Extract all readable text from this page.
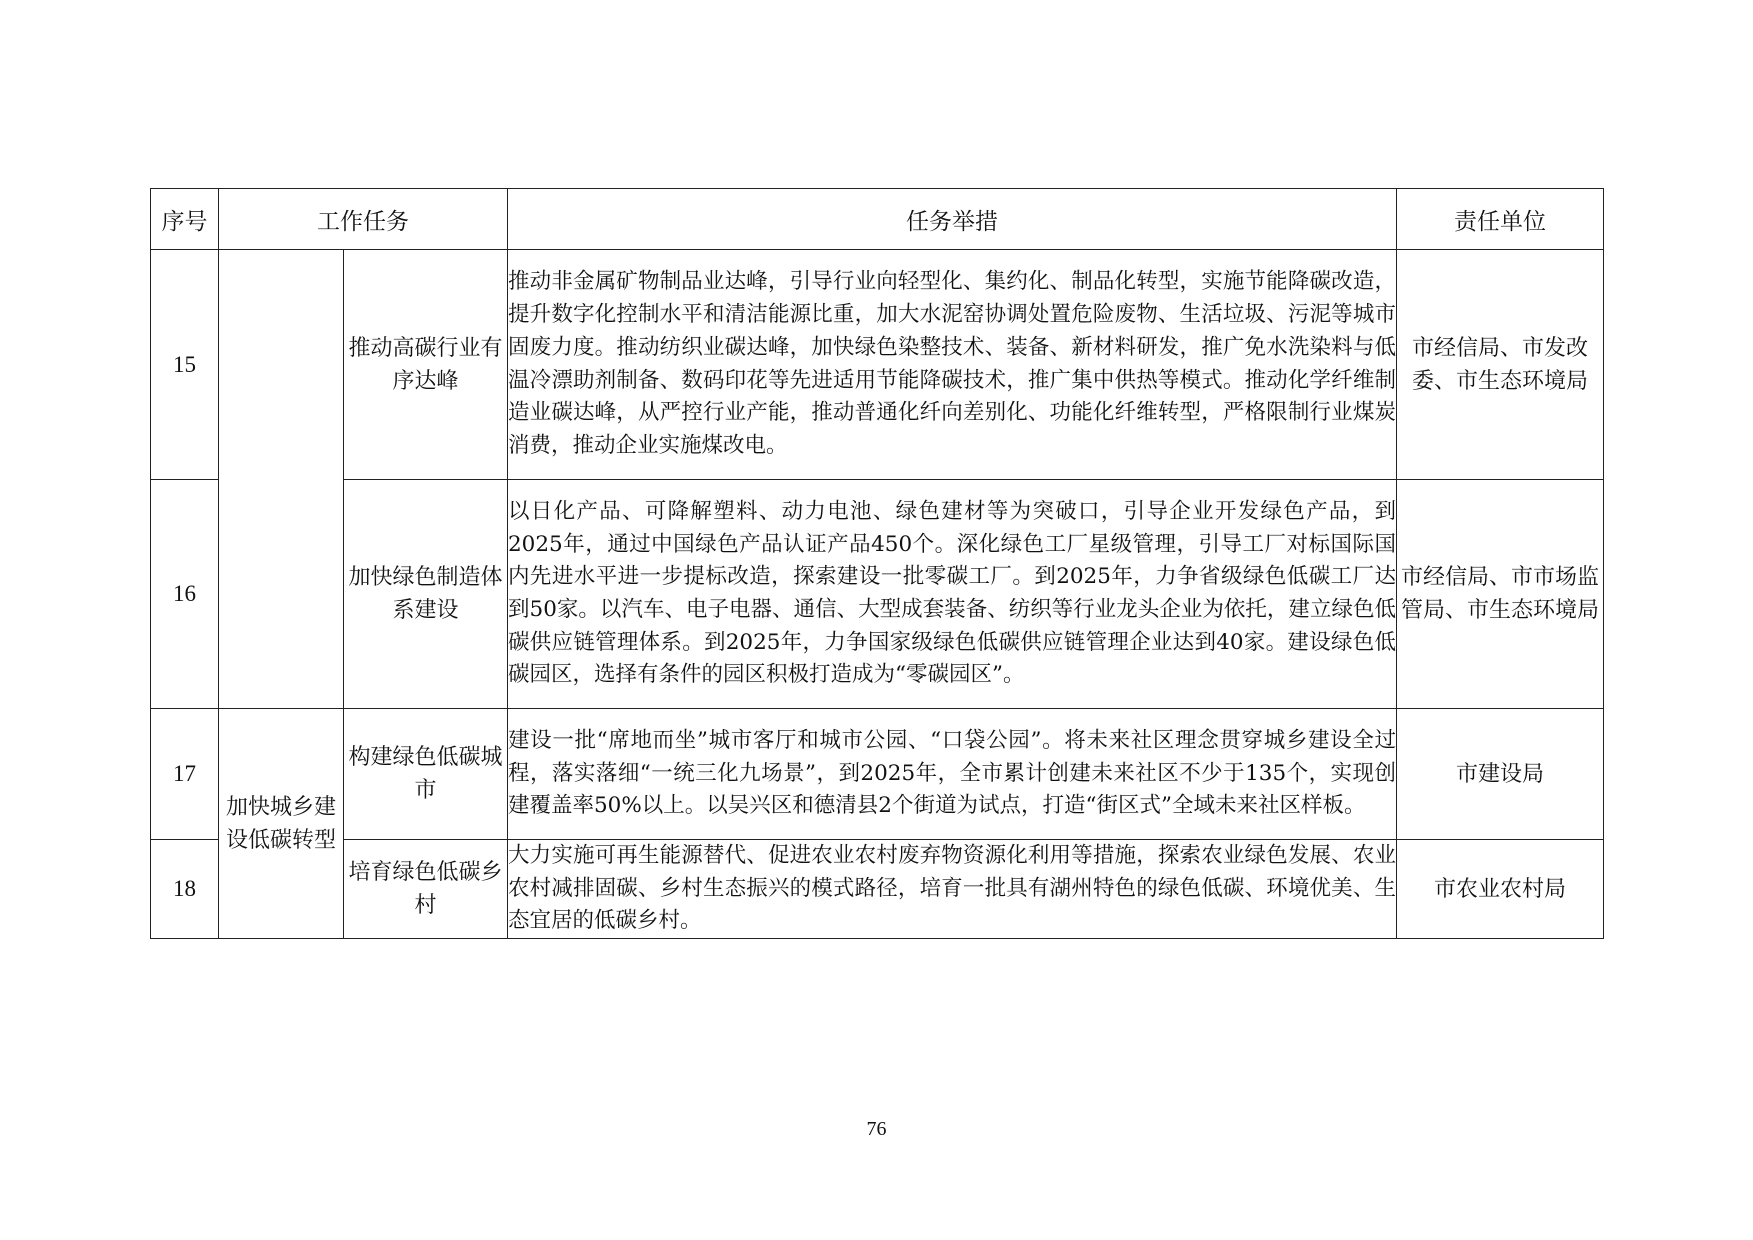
序号	工作任务		任务举措	责任单位
15		推动高碳行业有序达峰	推动非金属矿物制品业达峰，引导行业向轻型化、集约化、制品化转型，实施节能降碳改造，提升数字化控制水平和清洁能源比重，加大水泥窑协调处置危险废物、生活垃圾、污泥等城市固废力度。推动纺织业碳达峰，加快绿色染整技术、装备、新材料研发，推广免水洗染料与低温冷漂助剂制备、数码印花等先进适用节能降碳技术，推广集中供热等模式。推动化学纤维制造业碳达峰，从严控行业产能，推动普通化纤向差别化、功能化纤维转型，严格限制行业煤炭消费，推动企业实施煤改电。	市经信局、市发改委、市生态环境局
16		加快绿色制造体系建设	以日化产品、可降解塑料、动力电池、绿色建材等为突破口，引导企业开发绿色产品，到2025年，通过中国绿色产品认证产品450个。深化绿色工厂星级管理，引导工厂对标国际国内先进水平进一步提标改造，探索建设一批零碳工厂。到2025年，力争省级绿色低碳工厂达到50家。以汽车、电子电器、通信、大型成套装备、纺织等行业龙头企业为依托，建立绿色低碳供应链管理体系。到2025年，力争国家级绿色低碳供应链管理企业达到40家。建设绿色低碳园区，选择有条件的园区积极打造成为“零碳园区”。	市经信局、市市场监管局、市生态环境局
17	加快城乡建设低碳转型	构建绿色低碳城市	建设一批“席地而坐”城市客厅和城市公园、“口袋公园”。将未来社区理念贯穿城乡建设全过程，落实落细“一统三化九场景”，到2025年，全市累计创建未来社区不少于135个，实现创建覆盖率50%以上。以吴兴区和德清县2个街道为试点，打造“街区式”全域未来社区样板。	市建设局
18		培育绿色低碳乡村	大力实施可再生能源替代、促进农业农村废弃物资源化利用等措施，探索农业绿色发展、农业农村减排固碳、乡村生态振兴的模式路径，培育一批具有湖州特色的绿色低碳、环境优美、生态宜居的低碳乡村。	市农业农村局
76
